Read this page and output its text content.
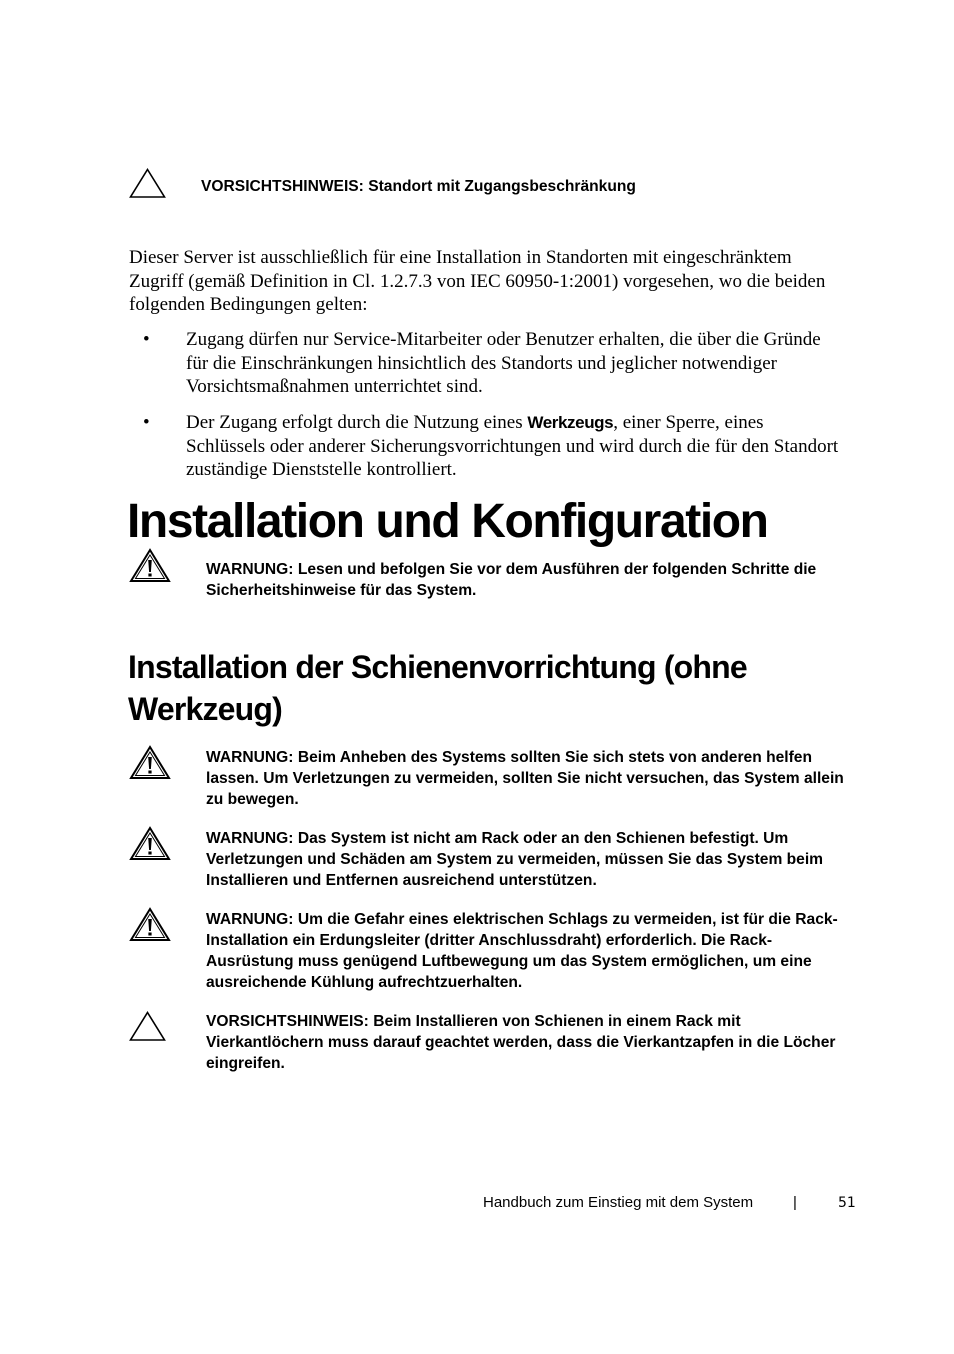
VORSICHTSHINWEIS: Standort mit Zugangsbeschränkung
Dieser Server ist ausschließlich für eine Installation in Standorten mit eingeschränktem Zugriff (gemäß Definition in Cl. 1.2.7.3 von IEC 60950-1:2001) vorgesehen, wo die beiden folgenden Bedingungen gelten:
• Zugang dürfen nur Service-Mitarbeiter oder Benutzer erhalten, die über die Gründe für die Einschränkungen hinsichtlich des Standorts und jeglicher notwendiger Vorsichtsmaßnahmen unterrichtet sind.
• Der Zugang erfolgt durch die Nutzung eines Werkzeugs, einer Sperre, eines Schlüssels oder anderer Sicherungsvorrichtungen und wird durch die für den Standort zuständige Dienststelle kontrolliert.
Installation und Konfiguration
WARNUNG: Lesen und befolgen Sie vor dem Ausführen der folgenden Schritte die Sicherheitshinweise für das System.
Installation der Schienenvorrichtung (ohne Werkzeug)
WARNUNG: Beim Anheben des Systems sollten Sie sich stets von anderen helfen lassen. Um Verletzungen zu vermeiden, sollten Sie nicht versuchen, das System allein zu bewegen.
WARNUNG: Das System ist nicht am Rack oder an den Schienen befestigt. Um Verletzungen und Schäden am System zu vermeiden, müssen Sie das System beim Installieren und Entfernen ausreichend unterstützen.
WARNUNG: Um die Gefahr eines elektrischen Schlags zu vermeiden, ist für die Rack-Installation ein Erdungsleiter (dritter Anschlussdraht) erforderlich. Die Rack-Ausrüstung muss genügend Luftbewegung um das System ermöglichen, um eine ausreichende Kühlung aufrechtzuerhalten.
VORSICHTSHINWEIS: Beim Installieren von Schienen in einem Rack mit Vierkantlöchern muss darauf geachtet werden, dass die Vierkantzapfen in die Löcher eingreifen.
Handbuch zum Einstieg mit dem System	|	51
